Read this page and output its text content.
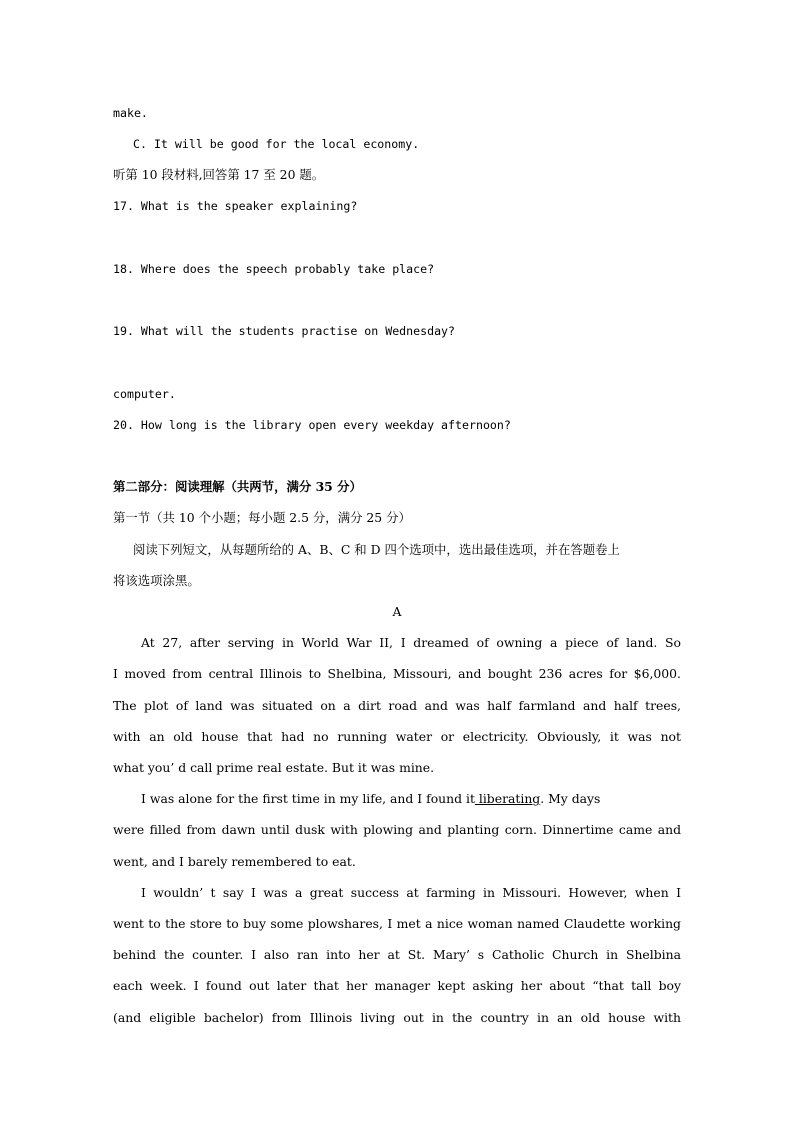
make.
C. It will be good for the local economy.
听第 10 段材料,回答第 17 至 20 题。
17. What is the speaker explaining?
18. Where does the speech probably take place?
19. What will the students practise on Wednesday?
computer.
20. How long is the library open every weekday afternoon?
第二部分：阅读理解（共两节，满分 35 分）
第一节（共 10 个小题；每小题 2.5 分，满分 25 分）
阅读下列短文，从每题所给的 A、B、C 和 D 四个选项中，选出最佳选项，并在答题卷上
将该选项涂黑。
A
At 27, after serving in World War II, I dreamed of owning a piece of land. So
I moved from central Illinois to Shelbina, Missouri, and bought 236 acres for $6,000.
The plot of land was situated on a dirt road and was half farmland and half trees,
with an old house that had no running water or electricity. Obviously, it was not
what you’ d call prime real estate. But it was mine.
I was alone for the first time in my life, and I found it liberating. My days
were filled from dawn until dusk with plowing and planting corn. Dinnertime came and
went, and I barely remembered to eat.
I wouldn’ t say I was a great success at farming in Missouri. However, when I
went to the store to buy some plowshares, I met a nice woman named Claudette working
behind the counter. I also ran into her at St. Mary’ s Catholic Church in Shelbina
each week. I found out later that her manager kept asking her about “that tall boy
(and eligible bachelor) from Illinois living out in the country in an old house with
